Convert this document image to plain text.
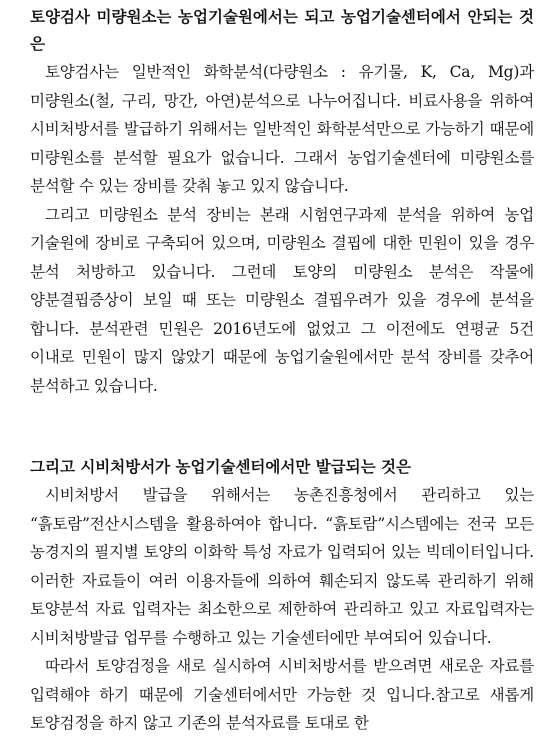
토양검사 미량원소는 농업기술원에서는 되고 농업기술센터에서 안되는 것은

토양검사는 일반적인 화학분석(다량원소 : 유기물, K, Ca, Mg)과 미량원소(철, 구리, 망간, 아연)분석으로 나누어집니다. 비료사용을 위하여 시비처방서를 발급하기 위해서는 일반적인 화학분석만으로 가능하기 때문에 미량원소를 분석할 필요가 없습니다. 그래서 농업기술센터에 미량원소를 분석할 수 있는 장비를 갖춰 놓고 있지 않습니다.

그리고 미량원소 분석 장비는 본래 시험연구과제 분석을 위하여 농업 기술원에 장비로 구축되어 있으며, 미량원소 결핍에 대한 민원이 있을 경우 분석 처방하고 있습니다. 그런데 토양의 미량원소 분석은 작물에 양분결핍증상이 보일 때 또는 미량원소 결핍우려가 있을 경우에 분석을 합니다. 분석관련 민원은 2016년도에 없었고 그 이전에도 연평균 5건 이내로 민원이 많지 않았기 때문에 농업기술원에서만 분석 장비를 갖추어 분석하고 있습니다.

그리고 시비처방서가 농업기술센터에서만 발급되는 것은

시비처방서 발급을 위해서는 농촌진흥청에서 관리하고 있는 “흙토람”전산시스템을 활용하여야 합니다. “흙토람”시스템에는 전국 모든 농경지의 필지별 토양의 이화학 특성 자료가 입력되어 있는 빅데이터입니다. 이러한 자료들이 여러 이용자들에 의하여 훼손되지 않도록 관리하기 위해 토양분석 자료 입력자는 최소한으로 제한하여 관리하고 있고 자료입력자는 시비처방발급 업무를 수행하고 있는 기술센터에만 부여되어 있습니다.

따라서 토양검정을 새로 실시하여 시비처방서를 받으려면 새로운 자료를 입력해야 하기 때문에 기술센터에서만 가능한 것 입니다.참고로 새롭게 토양검정을 하지 않고 기존의 분석자료를 토대로 한
